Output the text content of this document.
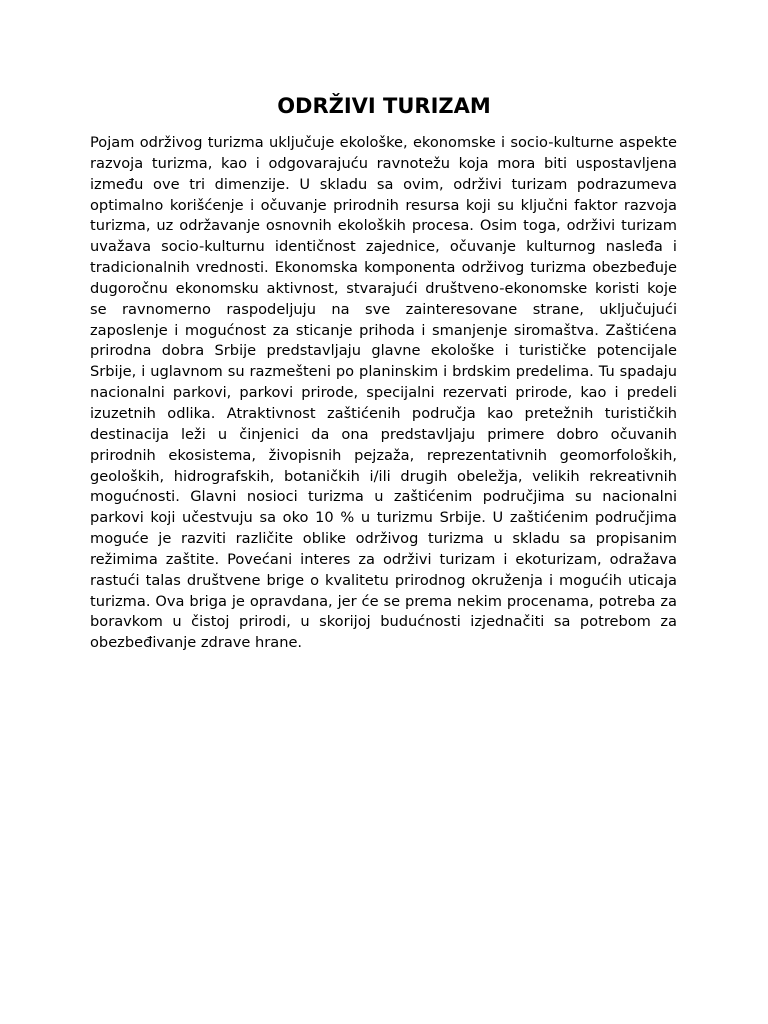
ODRŽIVI TURIZAM

Pojam održivog turizma uključuje ekološke, ekonomske i socio-kulturne aspekte razvoja turizma, kao i odgovarajuću ravnotežu koja mora biti uspostavljena između ove tri dimenzije. U skladu sa ovim, održivi turizam podrazumeva optimalno korišćenje i očuvanje prirodnih resursa koji su ključni faktor razvoja turizma, uz održavanje osnovnih ekoloških procesa. Osim toga, održivi turizam uvažava socio-kulturnu identičnost zajednice, očuvanje kulturnog nasleđa i tradicionalnih vrednosti. Ekonomska komponenta održivog turizma obezbeđuje dugoročnu ekonomsku aktivnost, stvarajući društveno-ekonomske koristi koje se ravnomerno raspodeljuju na sve zainteresovane strane, uključujući zaposlenje i mogućnost za sticanje prihoda i smanjenje siromaštva. Zaštićena prirodna dobra Srbije predstavljaju glavne ekološke i turističke potencijale Srbije, i uglavnom su razmešteni po planinskim i brdskim predelima. Tu spadaju nacionalni parkovi, parkovi prirode, specijalni rezervati prirode, kao i predeli izuzetnih odlika. Atraktivnost zaštićenih područja kao pretežnih turističkih destinacija leži u činjenici da ona predstavljaju primere dobro očuvanih prirodnih ekosistema, živopisnih pejzaža, reprezentativnih geomorfoloških, geoloških, hidrografskih, botaničkih i/ili drugih obeležja, velikih rekreativnih mogućnosti. Glavni nosioci turizma u zaštićenim područjima su nacionalni parkovi koji učestvuju sa oko 10 % u turizmu Srbije. U zaštićenim područjima moguće je razviti različite oblike održivog turizma u skladu sa propisanim režimima zaštite. Povećani interes za održivi turizam i ekoturizam, odražava rastući talas društvene brige o kvalitetu prirodnog okruženja i mogućih uticaja turizma. Ova briga je opravdana, jer će se prema nekim procenama, potreba za boravkom u čistoj prirodi, u skorijoj budućnosti izjednačiti sa potrebom za obezbeđivanje zdrave hrane.
